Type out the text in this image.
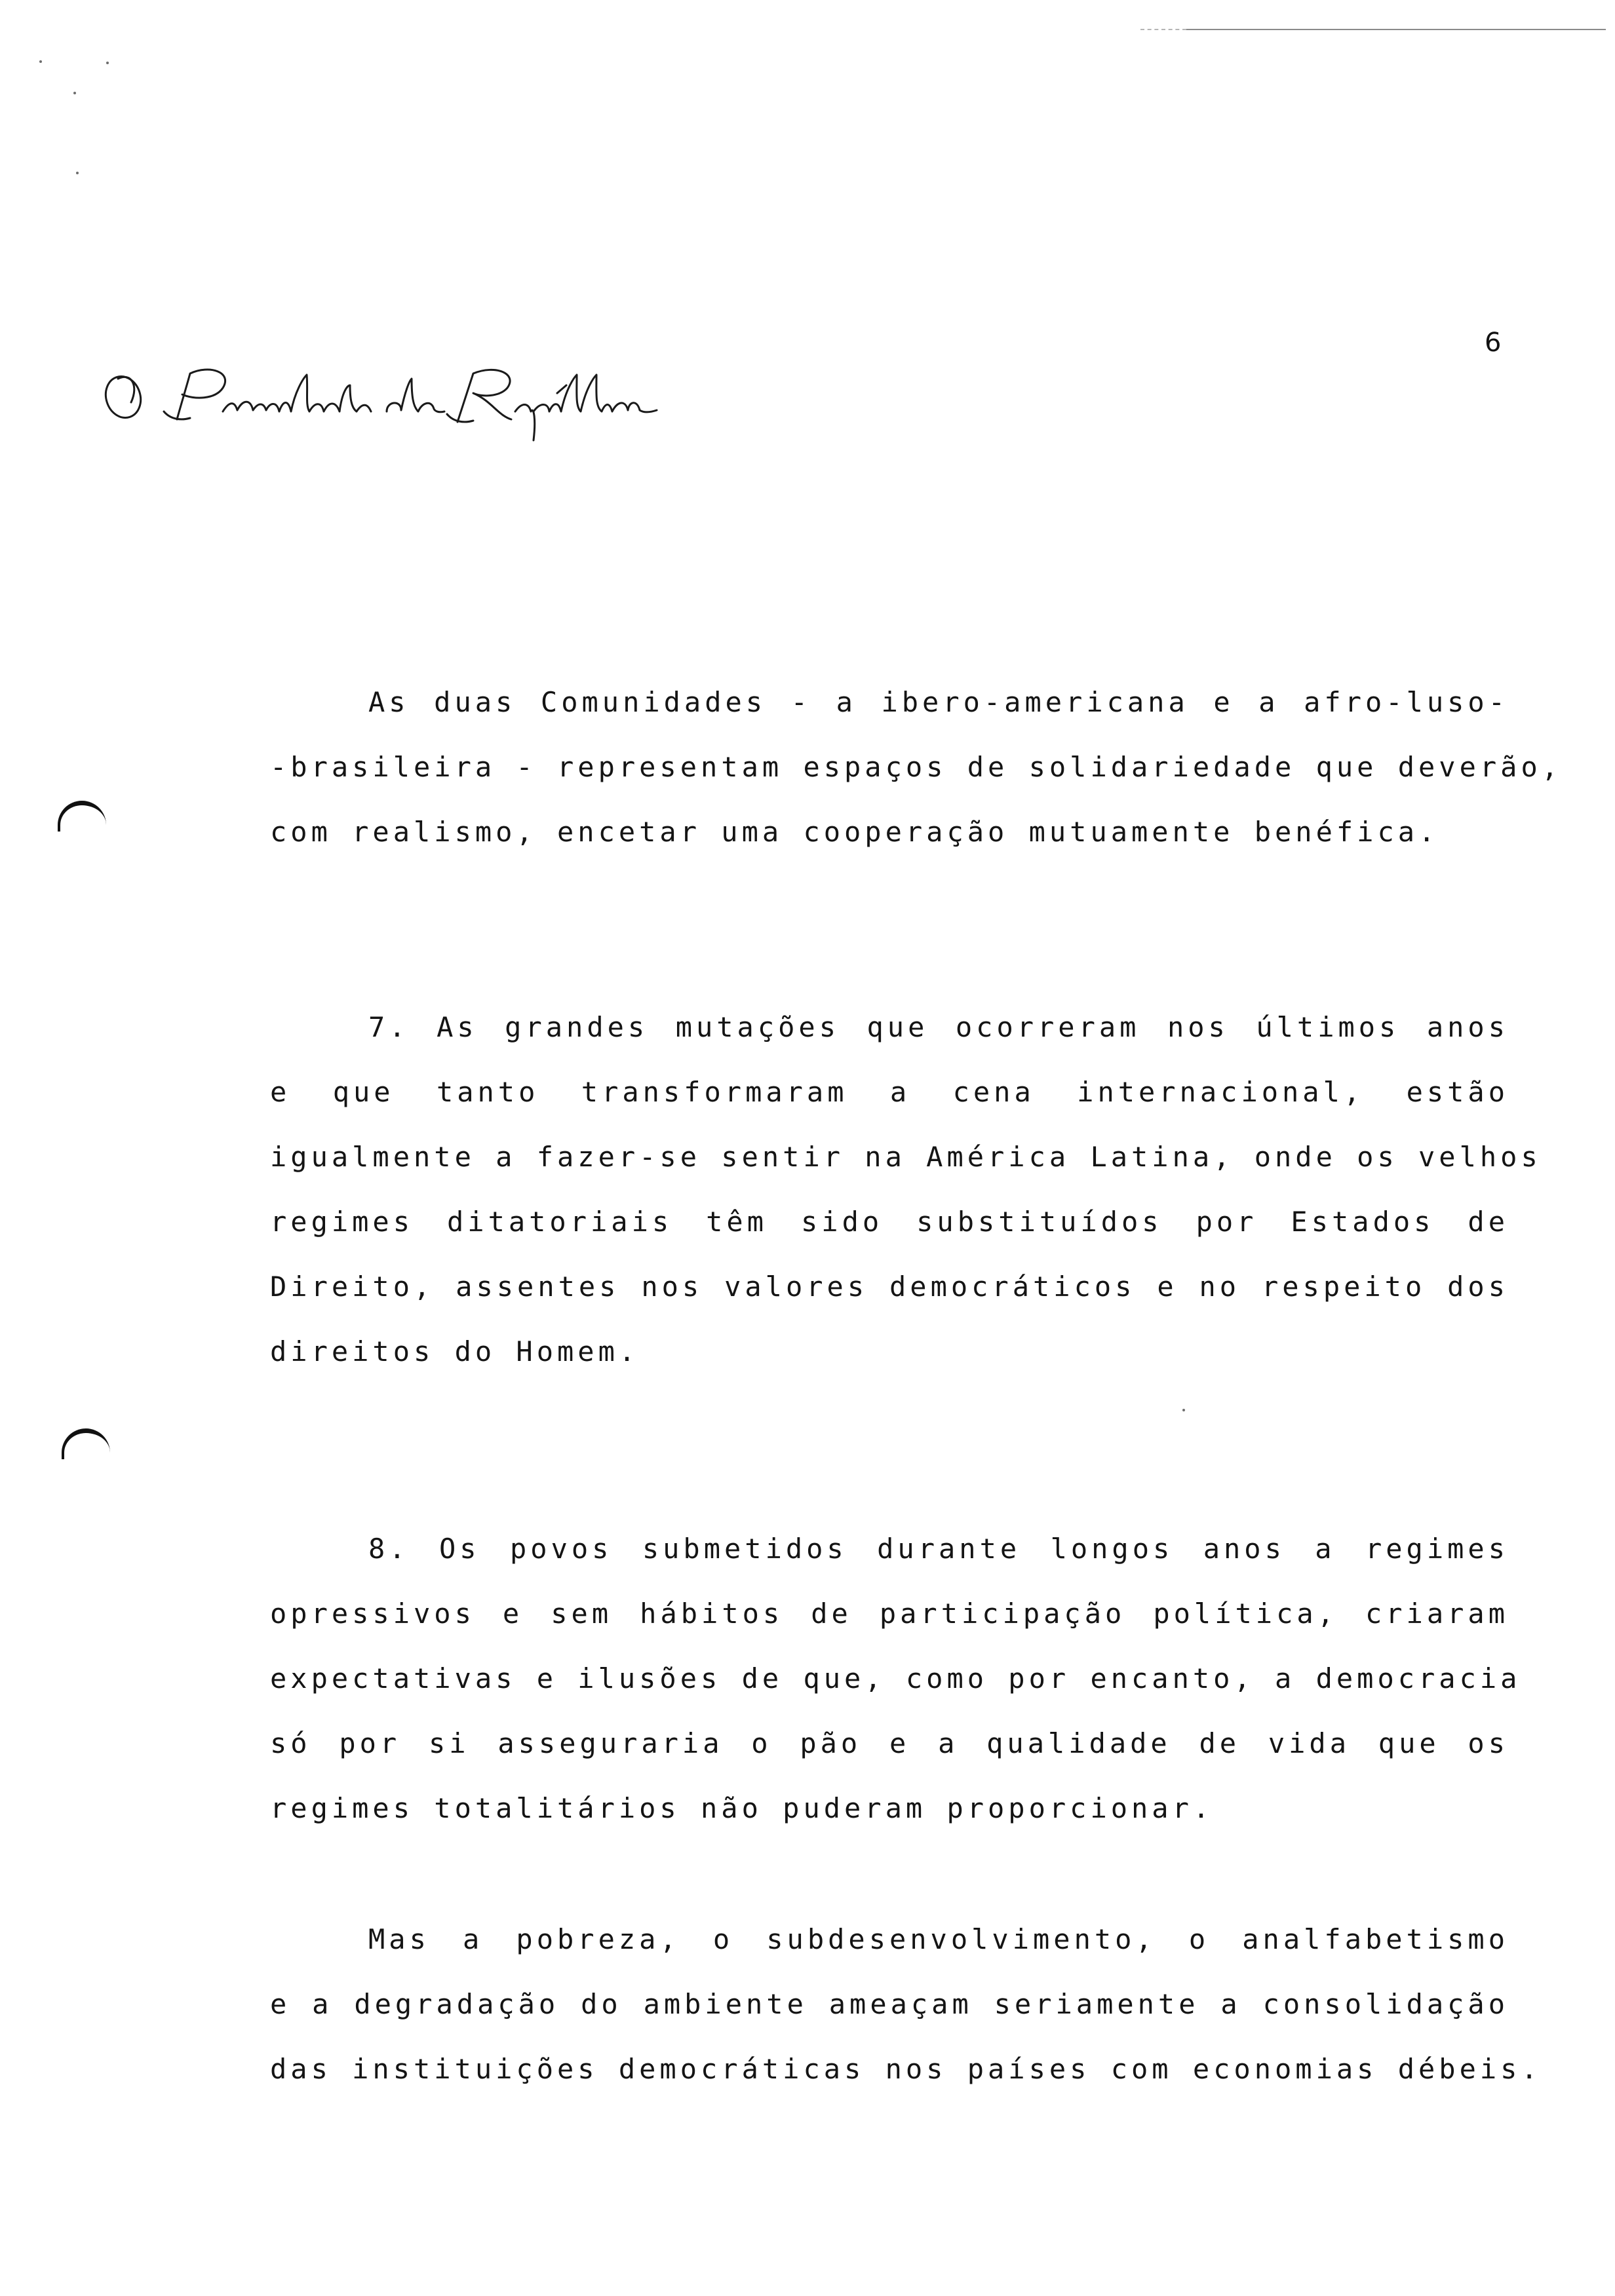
6
As duas Comunidades - a ibero-americana e a afro-luso-
-brasileira - representam espaços de solidariedade que deverão,
com realismo, encetar uma cooperação mutuamente benéfica.
7. As grandes mutações que ocorreram nos últimos anos
e que tanto transformaram a cena internacional, estão
igualmente a fazer-se sentir na América Latina, onde os velhos
regimes ditatoriais têm sido substituídos por Estados de
Direito, assentes nos valores democráticos e no respeito dos
direitos do Homem.
8. Os povos submetidos durante longos anos a regimes
opressivos e sem hábitos de participação política, criaram
expectativas e ilusões de que, como por encanto, a democracia
só por si asseguraria o pão e a qualidade de vida que os
regimes totalitários não puderam proporcionar.
Mas a pobreza, o subdesenvolvimento, o analfabetismo
e a degradação do ambiente ameaçam seriamente a consolidação
das instituições democráticas nos países com economias débeis.
